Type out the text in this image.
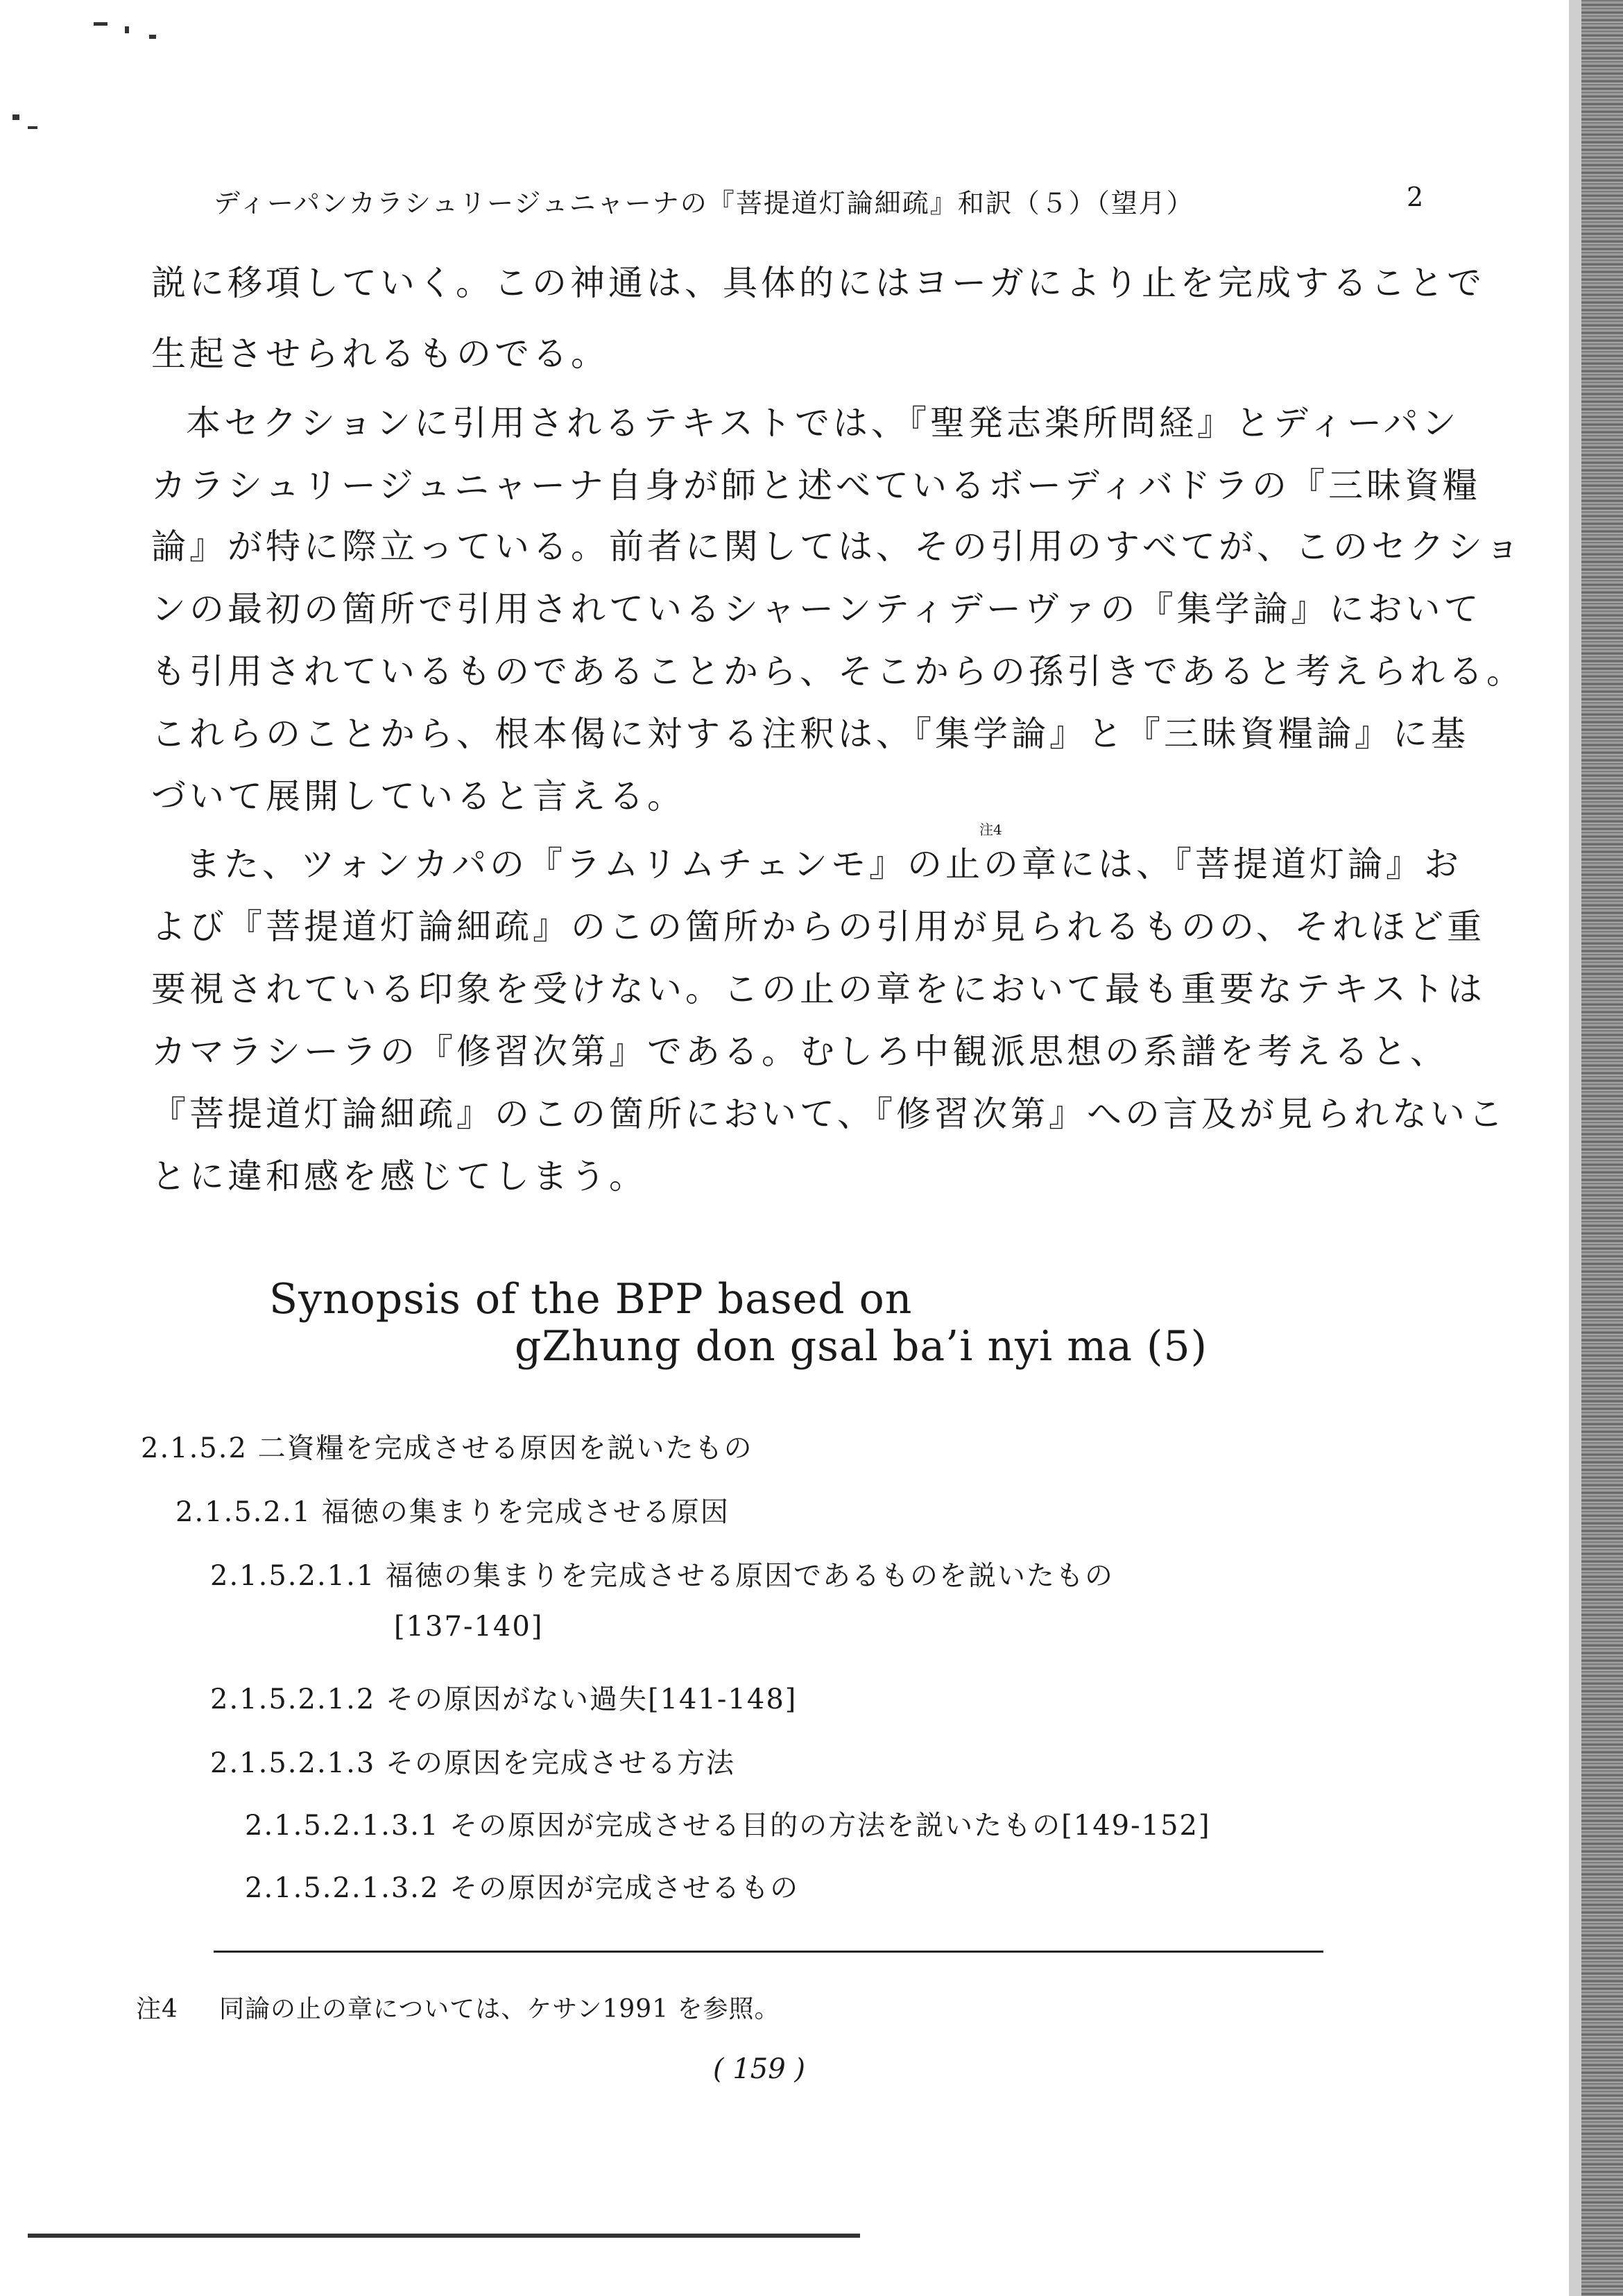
ディーパンカラシュリージュニャーナの『菩提道灯論細疏』和訳（５）（望月）	2
説に移項していく。この神通は、具体的にはヨーガにより止を完成することで
生起させられるものでる。
本セクションに引用されるテキストでは、『聖発志楽所問経』とディーパン
カラシュリージュニャーナ自身が師と述べているボーディバドラの『三昧資糧
論』が特に際立っている。前者に関しては、その引用のすべてが、このセクショ
ンの最初の箇所で引用されているシャーンティデーヴァの『集学論』において
も引用されているものであることから、そこからの孫引きであると考えられる。
これらのことから、根本偈に対する注釈は、『集学論』と『三昧資糧論』に基
づいて展開していると言える。
注4
また、ツォンカパの『ラムリムチェンモ』の止の章には、『菩提道灯論』お
よび『菩提道灯論細疏』のこの箇所からの引用が見られるものの、それほど重
要視されている印象を受けない。この止の章をにおいて最も重要なテキストは
カマラシーラの『修習次第』である。むしろ中観派思想の系譜を考えると、
『菩提道灯論細疏』のこの箇所において、『修習次第』への言及が見られないこ
とに違和感を感じてしまう。
Synopsis of the BPP based on
gZhung don gsal ba’i nyi ma (5)
2.1.5.2 二資糧を完成させる原因を説いたもの
2.1.5.2.1 福徳の集まりを完成させる原因
2.1.5.2.1.1 福徳の集まりを完成させる原因であるものを説いたもの
[137-140]
2.1.5.2.1.2 その原因がない過失[141-148]
2.1.5.2.1.3 その原因を完成させる方法
2.1.5.2.1.3.1 その原因が完成させる目的の方法を説いたもの[149-152]
2.1.5.2.1.3.2 その原因が完成させるもの
注4 同論の止の章については、ケサン1991 を参照。
( 159 )
